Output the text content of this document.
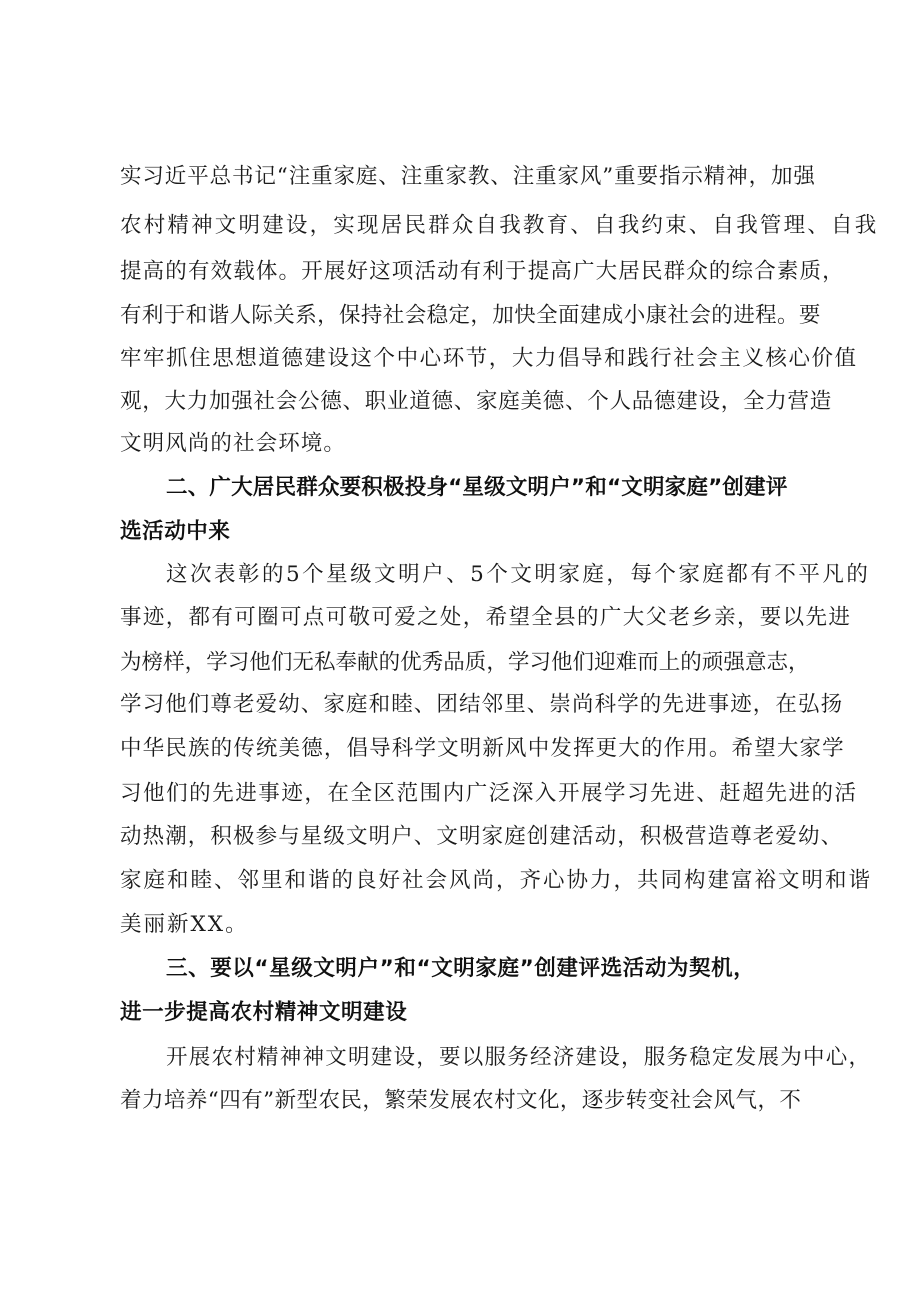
实习近平总书记“注重家庭、注重家教、注重家风”重要指示精神，加强
农村精神文明建设，实现居民群众自我教育、自我约束、自我管理、自我
提高的有效载体。开展好这项活动有利于提高广大居民群众的综合素质，
有利于和谐人际关系，保持社会稳定，加快全面建成小康社会的进程。要
牢牢抓住思想道德建设这个中心环节，大力倡导和践行社会主义核心价值
观，大力加强社会公德、职业道德、家庭美德、个人品德建设，全力营造
文明风尚的社会环境。
二、广大居民群众要积极投身“星级文明户”和“文明家庭”创建评
选活动中来
这次表彰的5个星级文明户、5个文明家庭，每个家庭都有不平凡的
事迹，都有可圈可点可敬可爱之处，希望全县的广大父老乡亲，要以先进
为榜样，学习他们无私奉献的优秀品质，学习他们迎难而上的顽强意志，
学习他们尊老爱幼、家庭和睦、团结邻里、崇尚科学的先进事迹，在弘扬
中华民族的传统美德，倡导科学文明新风中发挥更大的作用。希望大家学
习他们的先进事迹，在全区范围内广泛深入开展学习先进、赶超先进的活
动热潮，积极参与星级文明户、文明家庭创建活动，积极营造尊老爱幼、
家庭和睦、邻里和谐的良好社会风尚，齐心协力，共同构建富裕文明和谐
美丽新XX。
三、要以“星级文明户”和“文明家庭”创建评选活动为契机，
进一步提高农村精神文明建设
开展农村精神神文明建设，要以服务经济建设，服务稳定发展为中心，
着力培养“四有”新型农民，繁荣发展农村文化，逐步转变社会风气，不
